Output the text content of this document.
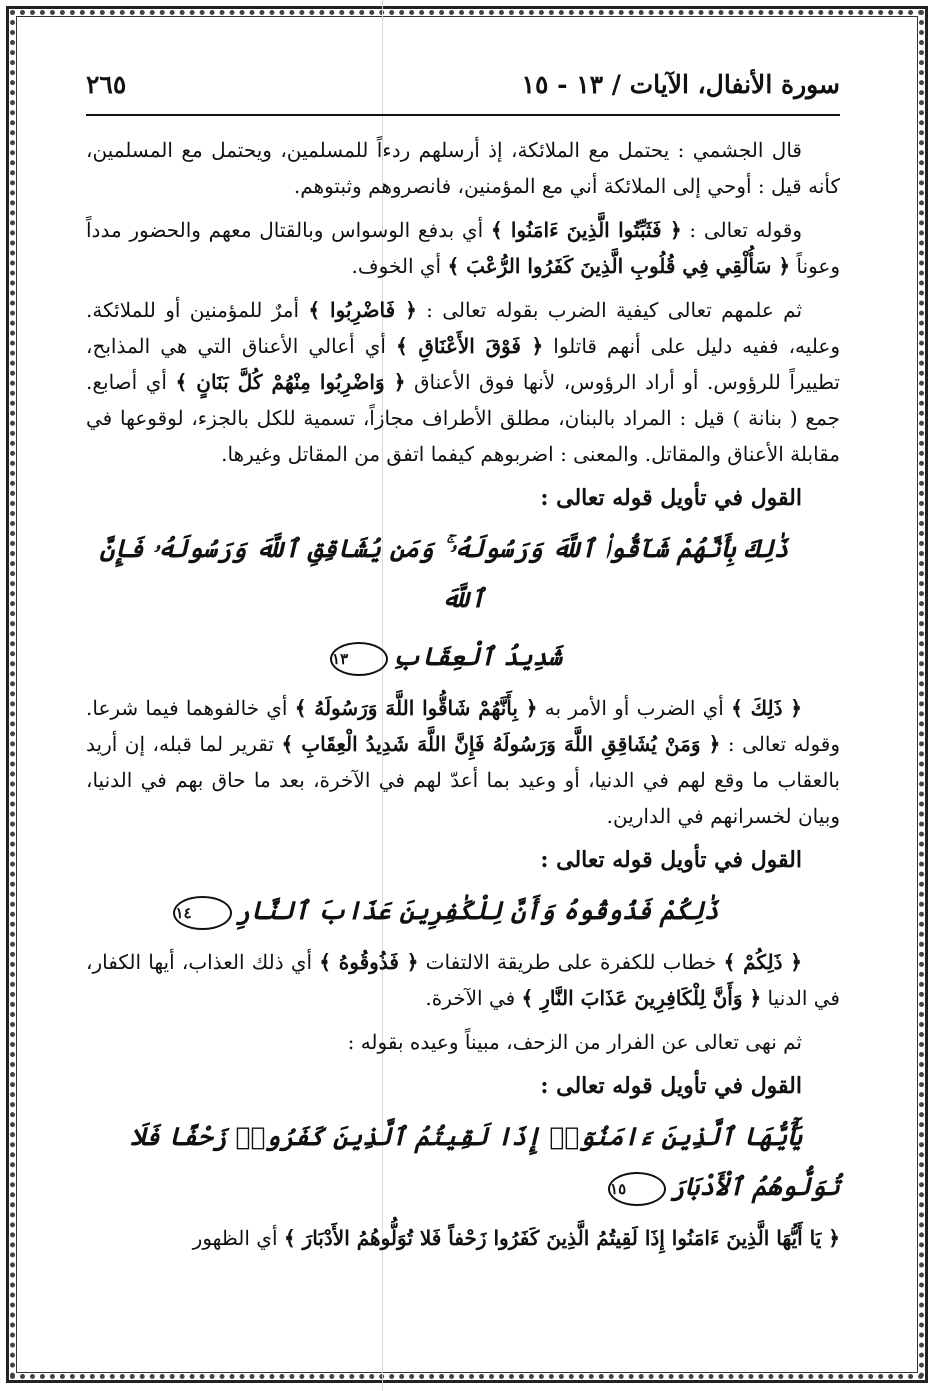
سورة الأنفال، الآيات / ١٣ - ١٥
٢٦٥

قال الجشمي : يحتمل مع الملائكة، إذ أرسلهم ردءاً للمسلمين، ويحتمل مع المسلمين، كأنه قيل : أوحي إلى الملائكة أني مع المؤمنين، فانصروهم وثبتوهم.

وقوله تعالى : ﴿ فَثَبِّتُوا الَّذِينَ ءَامَنُوا ﴾ أي بدفع الوسواس وبالقتال معهم والحضور مدداً وعوناً ﴿ سَأُلْقِي فِي قُلُوبِ الَّذِينَ كَفَرُوا الرُّعْبَ ﴾ أي الخوف.

ثم علمهم تعالى كيفية الضرب بقوله تعالى : ﴿ فَاضْرِبُوا ﴾ أمرٌ للمؤمنين أو للملائكة. وعليه، ففيه دليل على أنهم قاتلوا ﴿ فَوْقَ الأَعْنَاقِ ﴾ أي أعالي الأعناق التي هي المذابح، تطييراً للرؤوس. أو أراد الرؤوس، لأنها فوق الأعناق ﴿ وَاضْرِبُوا مِنْهُمْ كُلَّ بَنَانٍ ﴾ أي أصابع. جمع ( بنانة ) قيل : المراد بالبنان، مطلق الأطراف مجازاً، تسمية للكل بالجزء، لوقوعها في مقابلة الأعناق والمقاتل. والمعنى : اضربوهم كيفما اتفق من المقاتل وغيرها.

القول في تأويل قوله تعالى :

ذَٰلِكَ بِأَنَّهُمْ شَآقُّوا۟ ٱللَّهَ وَرَسُولَهُۥ ۚ وَمَن يُشَاقِقِ ٱللَّهَ وَرَسُولَهُۥ فَإِنَّ ٱللَّهَ

شَدِيدُ ٱلْعِقَابِ١٣

﴿ ذَلِكَ ﴾ أي الضرب أو الأمر به ﴿ بِأَنَّهُمْ شَاقُّوا اللَّهَ وَرَسُولَهُ ﴾ أي خالفوهما فيما شرعا. وقوله تعالى : ﴿ وَمَنْ يُشَاقِقِ اللَّهَ وَرَسُولَهُ فَإِنَّ اللَّهَ شَدِيدُ الْعِقَابِ ﴾ تقرير لما قبله، إن أريد بالعقاب ما وقع لهم في الدنيا، أو وعيد بما أعدّ لهم في الآخرة، بعد ما حاق بهم في الدنيا، وبيان لخسرانهم في الدارين.

القول في تأويل قوله تعالى :

ذَٰلِكُمْ فَذُوقُوهُ وَأَنَّ لِلْكَٰفِرِينَ عَذَابَ ٱلنَّارِ١٤

﴿ ذَلِكُمْ ﴾ خطاب للكفرة على طريقة الالتفات ﴿ فَذُوقُوهُ ﴾ أي ذلك العذاب، أيها الكفار، في الدنيا ﴿ وَأَنَّ لِلْكَافِرِينَ عَذَابَ النَّارِ ﴾ في الآخرة.

ثم نهى تعالى عن الفرار من الزحف، مبيناً وعيده بقوله :

القول في تأويل قوله تعالى :

يَٰٓأَيُّهَا ٱلَّذِينَ ءَامَنُوٓا۟ إِذَا لَقِيتُمُ ٱلَّذِينَ كَفَرُوا۟ زَحْفًا فَلَا تُوَلُّوهُمُ ٱلْأَدْبَارَ١٥

﴿ يَا أَيُّهَا الَّذِينَ ءَامَنُوا إِذَا لَقِيتُمُ الَّذِينَ كَفَرُوا زَحْفاً فَلا تُوَلُّوهُمُ الأَدْبَارَ ﴾ أي الظهور
